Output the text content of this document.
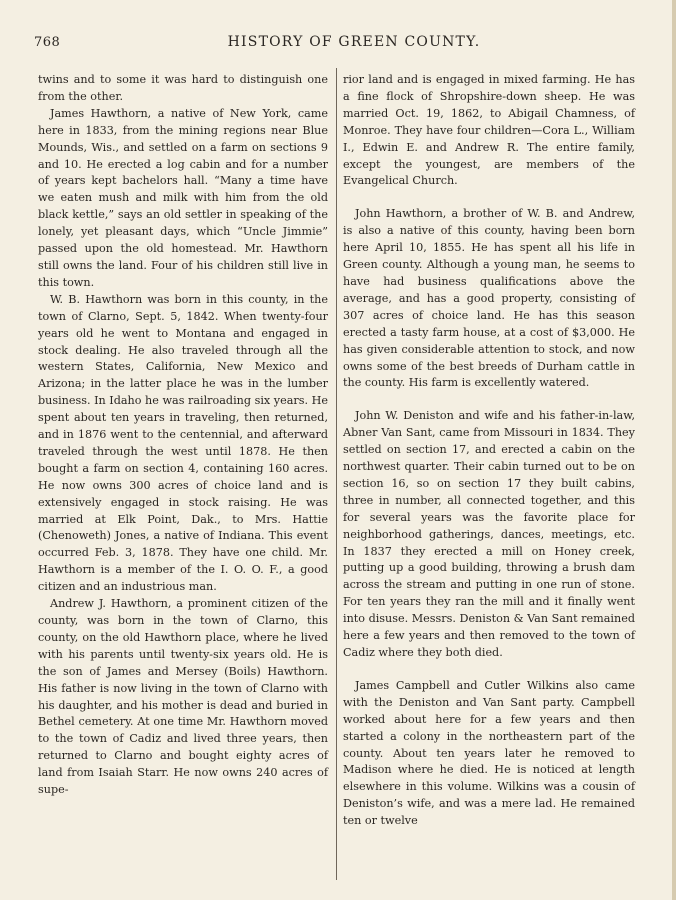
768	HISTORY OF GREEN COUNTY.

twins and to some it was hard to distinguish one from the other.

James Hawthorn, a native of New York, came here in 1833, from the mining regions near Blue Mounds, Wis., and settled on a farm on sections 9 and 10. He erected a log cabin and for a number of years kept bachelors hall. “Many a time have we eaten mush and milk with him from the old black kettle,” says an old settler in speaking of the lonely, yet pleasant days, which “Uncle Jimmie” passed upon the old homestead. Mr. Hawthorn still owns the land. Four of his children still live in this town.

W. B. Hawthorn was born in this county, in the town of Clarno, Sept. 5, 1842. When twenty-four years old he went to Montana and engaged in stock dealing. He also traveled through all the western States, California, New Mexico and Arizona; in the latter place he was in the lumber business. In Idaho he was railroading six years. He spent about ten years in traveling, then returned, and in 1876 went to the centennial, and afterward traveled through the west until 1878. He then bought a farm on section 4, containing 160 acres. He now owns 300 acres of choice land and is extensively engaged in stock raising. He was married at Elk Point, Dak., to Mrs. Hattie (Chenoweth) Jones, a native of Indiana. This event occurred Feb. 3, 1878. They have one child. Mr. Hawthorn is a member of the I. O. O. F., a good citizen and an industrious man.

Andrew J. Hawthorn, a prominent citizen of the county, was born in the town of Clarno, this county, on the old Hawthorn place, where he lived with his parents until twenty-six years old. He is the son of James and Mersey (Boils) Hawthorn. His father is now living in the town of Clarno with his daughter, and his mother is dead and buried in Bethel cemetery. At one time Mr. Hawthorn moved to the town of Cadiz and lived three years, then returned to Clarno and bought eighty acres of land from Isaiah Starr. He now owns 240 acres of supe-

rior land and is engaged in mixed farming. He has a fine flock of Shropshire-down sheep. He was married Oct. 19, 1862, to Abigail Chamness, of Monroe. They have four children—Cora L., William I., Edwin E. and Andrew R. The entire family, except the youngest, are members of the Evangelical Church.

John Hawthorn, a brother of W. B. and Andrew, is also a native of this county, having been born here April 10, 1855. He has spent all his life in Green county. Although a young man, he seems to have had business qualifications above the average, and has a good property, consisting of 307 acres of choice land. He has this season erected a tasty farm house, at a cost of $3,000. He has given considerable attention to stock, and now owns some of the best breeds of Durham cattle in the county. His farm is excellently watered.

John W. Deniston and wife and his father-in-law, Abner Van Sant, came from Missouri in 1834. They settled on section 17, and erected a cabin on the northwest quarter. Their cabin turned out to be on section 16, so on section 17 they built cabins, three in number, all connected together, and this for several years was the favorite place for neighborhood gatherings, dances, meetings, etc. In 1837 they erected a mill on Honey creek, putting up a good building, throwing a brush dam across the stream and putting in one run of stone. For ten years they ran the mill and it finally went into disuse. Messrs. Deniston & Van Sant remained here a few years and then removed to the town of Cadiz where they both died.

James Campbell and Cutler Wilkins also came with the Deniston and Van Sant party. Campbell worked about here for a few years and then started a colony in the northeastern part of the county. About ten years later he removed to Madison where he died. He is noticed at length elsewhere in this volume. Wilkins was a cousin of Deniston’s wife, and was a mere lad. He remained ten or twelve
